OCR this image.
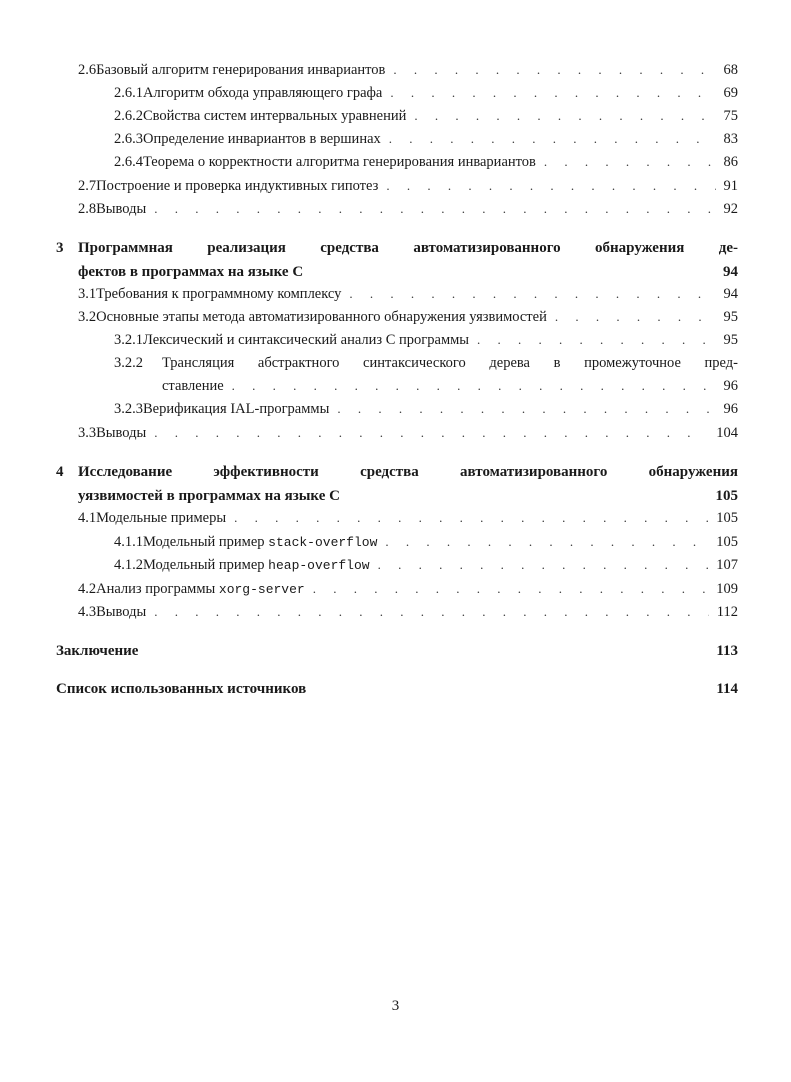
2.6 Базовый алгоритм генерирования инвариантов . . .	68
2.6.1 Алгоритм обхода управляющего графа . . .	69
2.6.2 Свойства систем интервальных уравнений . . .	75
2.6.3 Определение инвариантов в вершинах . . .	83
2.6.4 Теорема о корректности алгоритма генерирования инвариантов . . .	86
2.7 Построение и проверка индуктивных гипотез . . .	91
2.8 Выводы . . .	92
3 Программная реализация средства автоматизированного обнаружения де-
фектов в программах на языке C	94
3.1 Требования к программному комплексу . . .	94
3.2 Основные этапы метода автоматизированного обнаружения уязвимостей . . .	95
3.2.1 Лексический и синтаксический анализ C программы . . .	95
3.2.2	Трансляция абстрактного синтаксического дерева в промежуточное пред-
ставление . . .	96
3.2.3 Верификация IAL-программы . . .	96
3.3 Выводы . . .	104
4 Исследование эффективности средства автоматизированного обнаружения
уязвимостей в программах на языке C	105
4.1 Модельные примеры . . .	105
4.1.1 Модельный пример stack-overflow . . .	105
4.1.2 Модельный пример heap-overflow . . .	107
4.2 Анализ программы xorg-server . . .	109
4.3 Выводы . . .	112
Заключение	113
Список использованных источников	114
3
